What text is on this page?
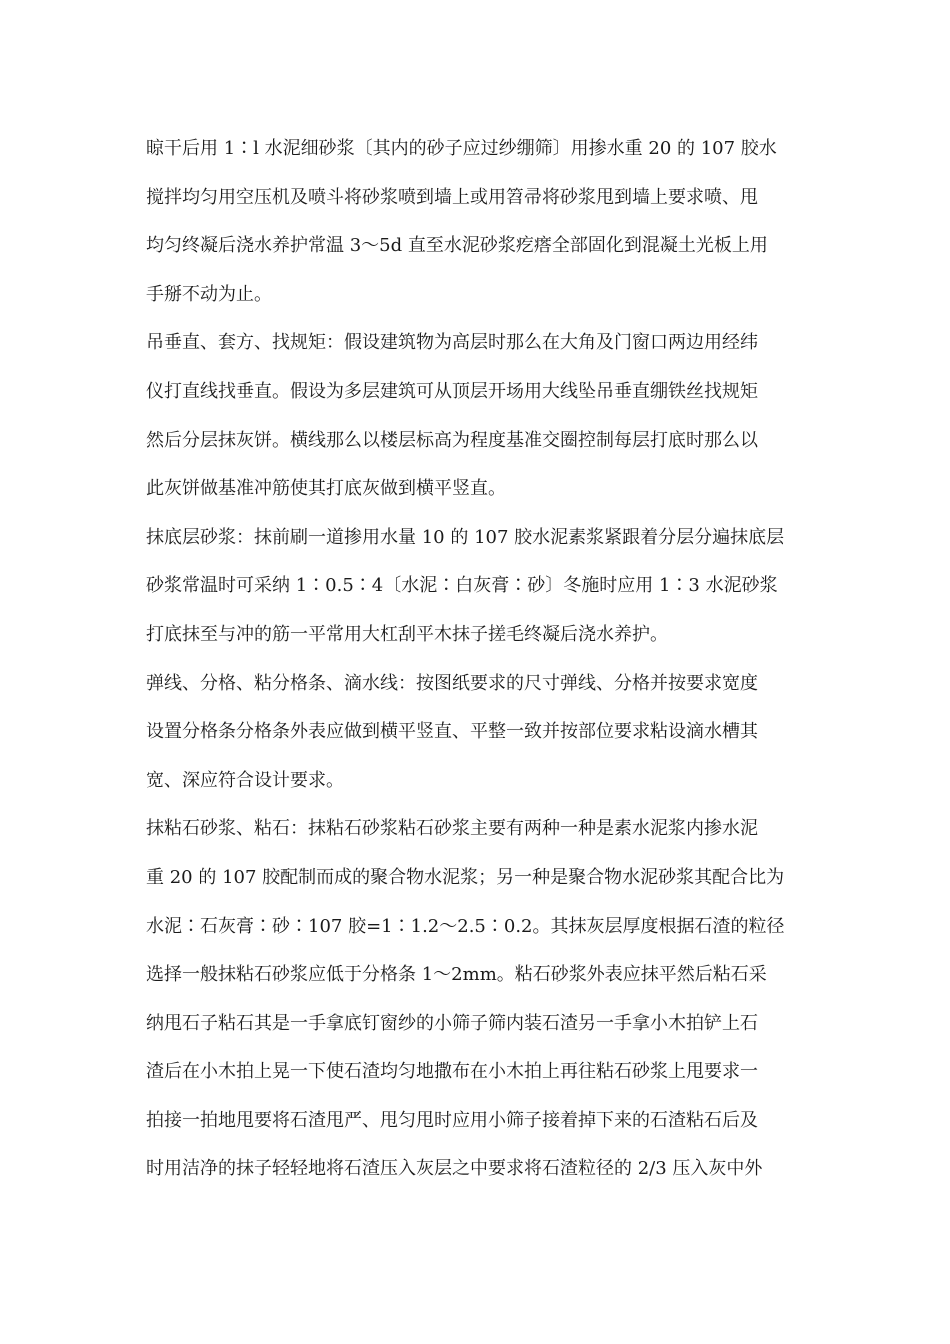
晾干后用 1∶l 水泥细砂浆〔其内的砂子应过纱绷筛〕用掺水重 20 的 107 胶水
搅拌均匀用空压机及喷斗将砂浆喷到墙上或用笤帚将砂浆甩到墙上要求喷、甩
均匀终凝后浇水养护常温 3～5d 直至水泥砂浆疙瘩全部固化到混凝土光板上用
手掰不动为止。
吊垂直、套方、找规矩：假设建筑物为高层时那么在大角及门窗口两边用经纬
仪打直线找垂直。假设为多层建筑可从顶层开场用大线坠吊垂直绷铁丝找规矩
然后分层抹灰饼。横线那么以楼层标高为程度基准交圈控制每层打底时那么以
此灰饼做基准冲筋使其打底灰做到横平竖直。
抹底层砂浆：抹前刷一道掺用水量 10 的 107 胶水泥素浆紧跟着分层分遍抹底层
砂浆常温时可采纳 1∶0.5∶4〔水泥∶白灰膏∶砂〕冬施时应用 1∶3 水泥砂浆
打底抹至与冲的筋一平常用大杠刮平木抹子搓毛终凝后浇水养护。
弹线、分格、粘分格条、滴水线：按图纸要求的尺寸弹线、分格并按要求宽度
设置分格条分格条外表应做到横平竖直、平整一致并按部位要求粘设滴水槽其
宽、深应符合设计要求。
抹粘石砂浆、粘石：抹粘石砂浆粘石砂浆主要有两种一种是素水泥浆内掺水泥
重 20 的 107 胶配制而成的聚合物水泥浆；另一种是聚合物水泥砂浆其配合比为
水泥∶石灰膏∶砂∶107 胶=1∶1.2～2.5∶0.2。其抹灰层厚度根据石渣的粒径
选择一般抹粘石砂浆应低于分格条 1～2mm。粘石砂浆外表应抹平然后粘石采
纳甩石子粘石其是一手拿底钉窗纱的小筛子筛内装石渣另一手拿小木拍铲上石
渣后在小木拍上晃一下使石渣均匀地撒布在小木拍上再往粘石砂浆上甩要求一
拍接一拍地甩要将石渣甩严、甩匀甩时应用小筛子接着掉下来的石渣粘石后及
时用洁净的抹子轻轻地将石渣压入灰层之中要求将石渣粒径的 2/3 压入灰中外
